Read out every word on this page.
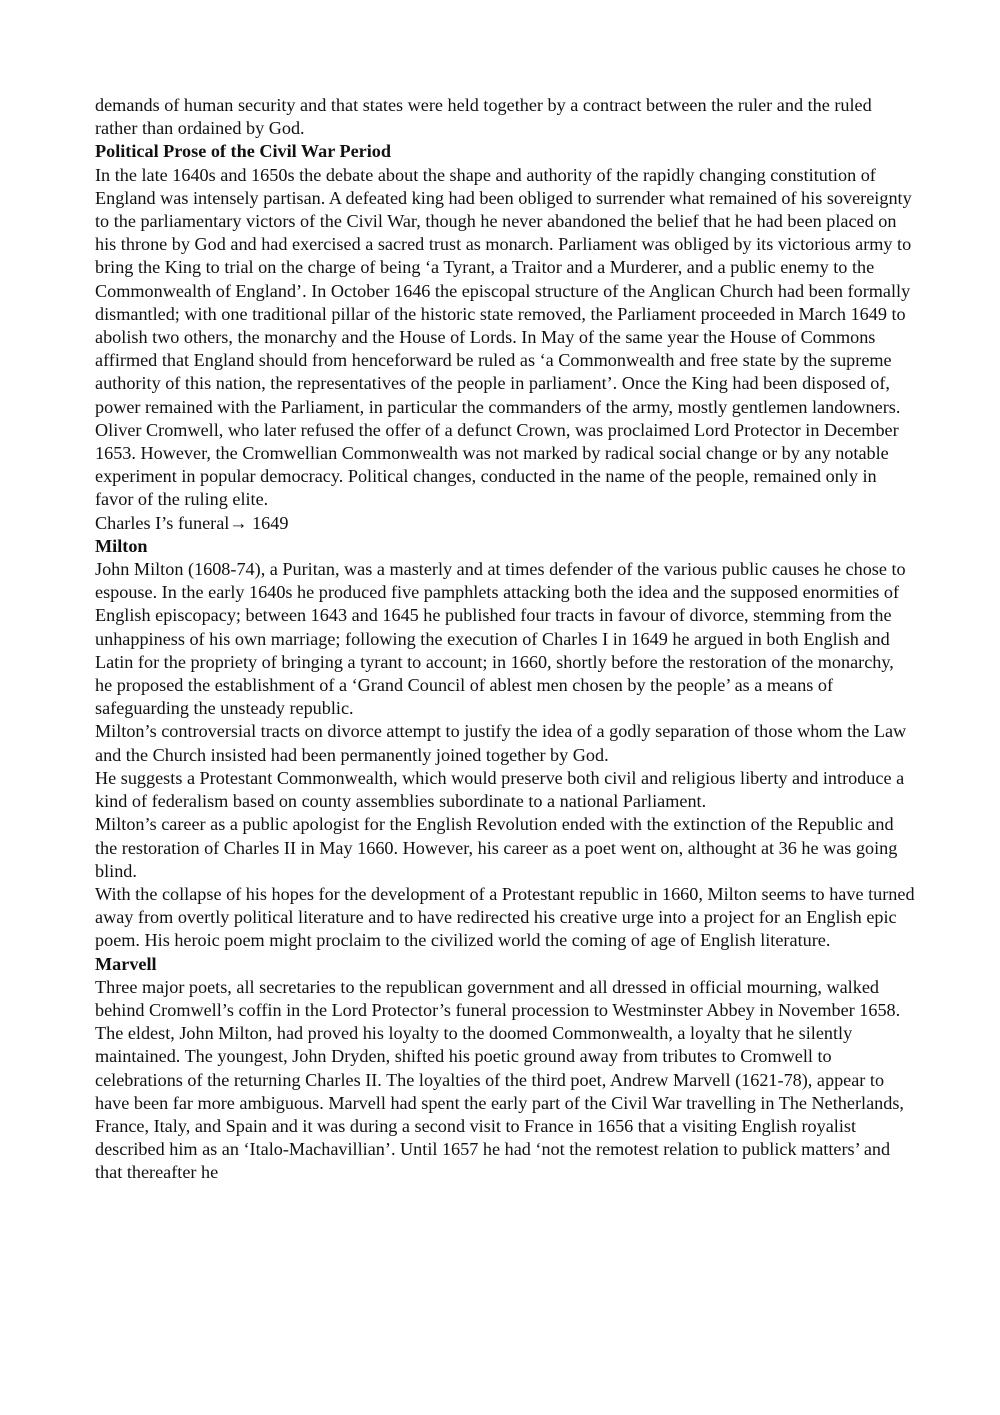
demands of human security and that states were held together by a contract between the ruler and the ruled rather than ordained by God.

Political Prose of the Civil War Period

In the late 1640s and 1650s the debate about the shape and authority of the rapidly changing constitution of England was intensely partisan. A defeated king had been obliged to surrender what remained of his sovereignty to the parliamentary victors of the Civil War, though he never abandoned the belief that he had been placed on his throne by God and had exercised a sacred trust as monarch. Parliament was obliged by its victorious army to bring the King to trial on the charge of being ‘a Tyrant, a Traitor and a Murderer, and a public enemy to the Commonwealth of England’. In October 1646 the episcopal structure of the Anglican Church had been formally dismantled; with one traditional pillar of the historic state removed, the Parliament proceeded in March 1649 to abolish two others, the monarchy and the House of Lords. In May of the same year the House of Commons affirmed that England should from henceforward be ruled as ‘a Commonwealth and free state by the supreme authority of this nation, the representatives of the people in parliament’. Once the King had been disposed of, power remained with the Parliament, in particular the commanders of the army, mostly gentlemen landowners. Oliver Cromwell, who later refused the offer of a defunct Crown, was proclaimed Lord Protector in December 1653. However, the Cromwellian Commonwealth was not marked by radical social change or by any notable experiment in popular democracy. Political changes, conducted in the name of the people, remained only in favor of the ruling elite.

Charles I’s funeral→ 1649

Milton

John Milton (1608-74), a Puritan, was a masterly and at times defender of the various public causes he chose to espouse. In the early 1640s he produced five pamphlets attacking both the idea and the supposed enormities of English episcopacy; between 1643 and 1645 he published four tracts in favour of divorce, stemming from the unhappiness of his own marriage; following the execution of Charles I in 1649 he argued in both English and Latin for the propriety of bringing a tyrant to account; in 1660, shortly before the restoration of the monarchy, he proposed the establishment of a ‘Grand Council of ablest men chosen by the people’ as a means of safeguarding the unsteady republic.

Milton’s controversial tracts on divorce attempt to justify the idea of a godly separation of those whom the Law and the Church insisted had been permanently joined together by God.

He suggests a Protestant Commonwealth, which would preserve both civil and religious liberty and introduce a kind of federalism based on county assemblies subordinate to a national Parliament.

Milton’s career as a public apologist for the English Revolution ended with the extinction of the Republic and the restoration of Charles II in May 1660. However, his career as a poet went on, althought at 36 he was going blind.

With the collapse of his hopes for the development of a Protestant republic in 1660, Milton seems to have turned away from overtly political literature and to have redirected his creative urge into a project for an English epic poem. His heroic poem might proclaim to the civilized world the coming of age of English literature.

Marvell

Three major poets, all secretaries to the republican government and all dressed in official mourning, walked behind Cromwell’s coffin in the Lord Protector’s funeral procession to Westminster Abbey in November 1658. The eldest, John Milton, had proved his loyalty to the doomed Commonwealth, a loyalty that he silently maintained. The youngest, John Dryden, shifted his poetic ground away from tributes to Cromwell to celebrations of the returning Charles II. The loyalties of the third poet, Andrew Marvell (1621-78), appear to have been far more ambiguous. Marvell had spent the early part of the Civil War travelling in The Netherlands, France, Italy, and Spain and it was during a second visit to France in 1656 that a visiting English royalist described him as an ‘Italo-Machavillian’. Until 1657 he had ‘not the remotest relation to publick matters’ and that thereafter he
